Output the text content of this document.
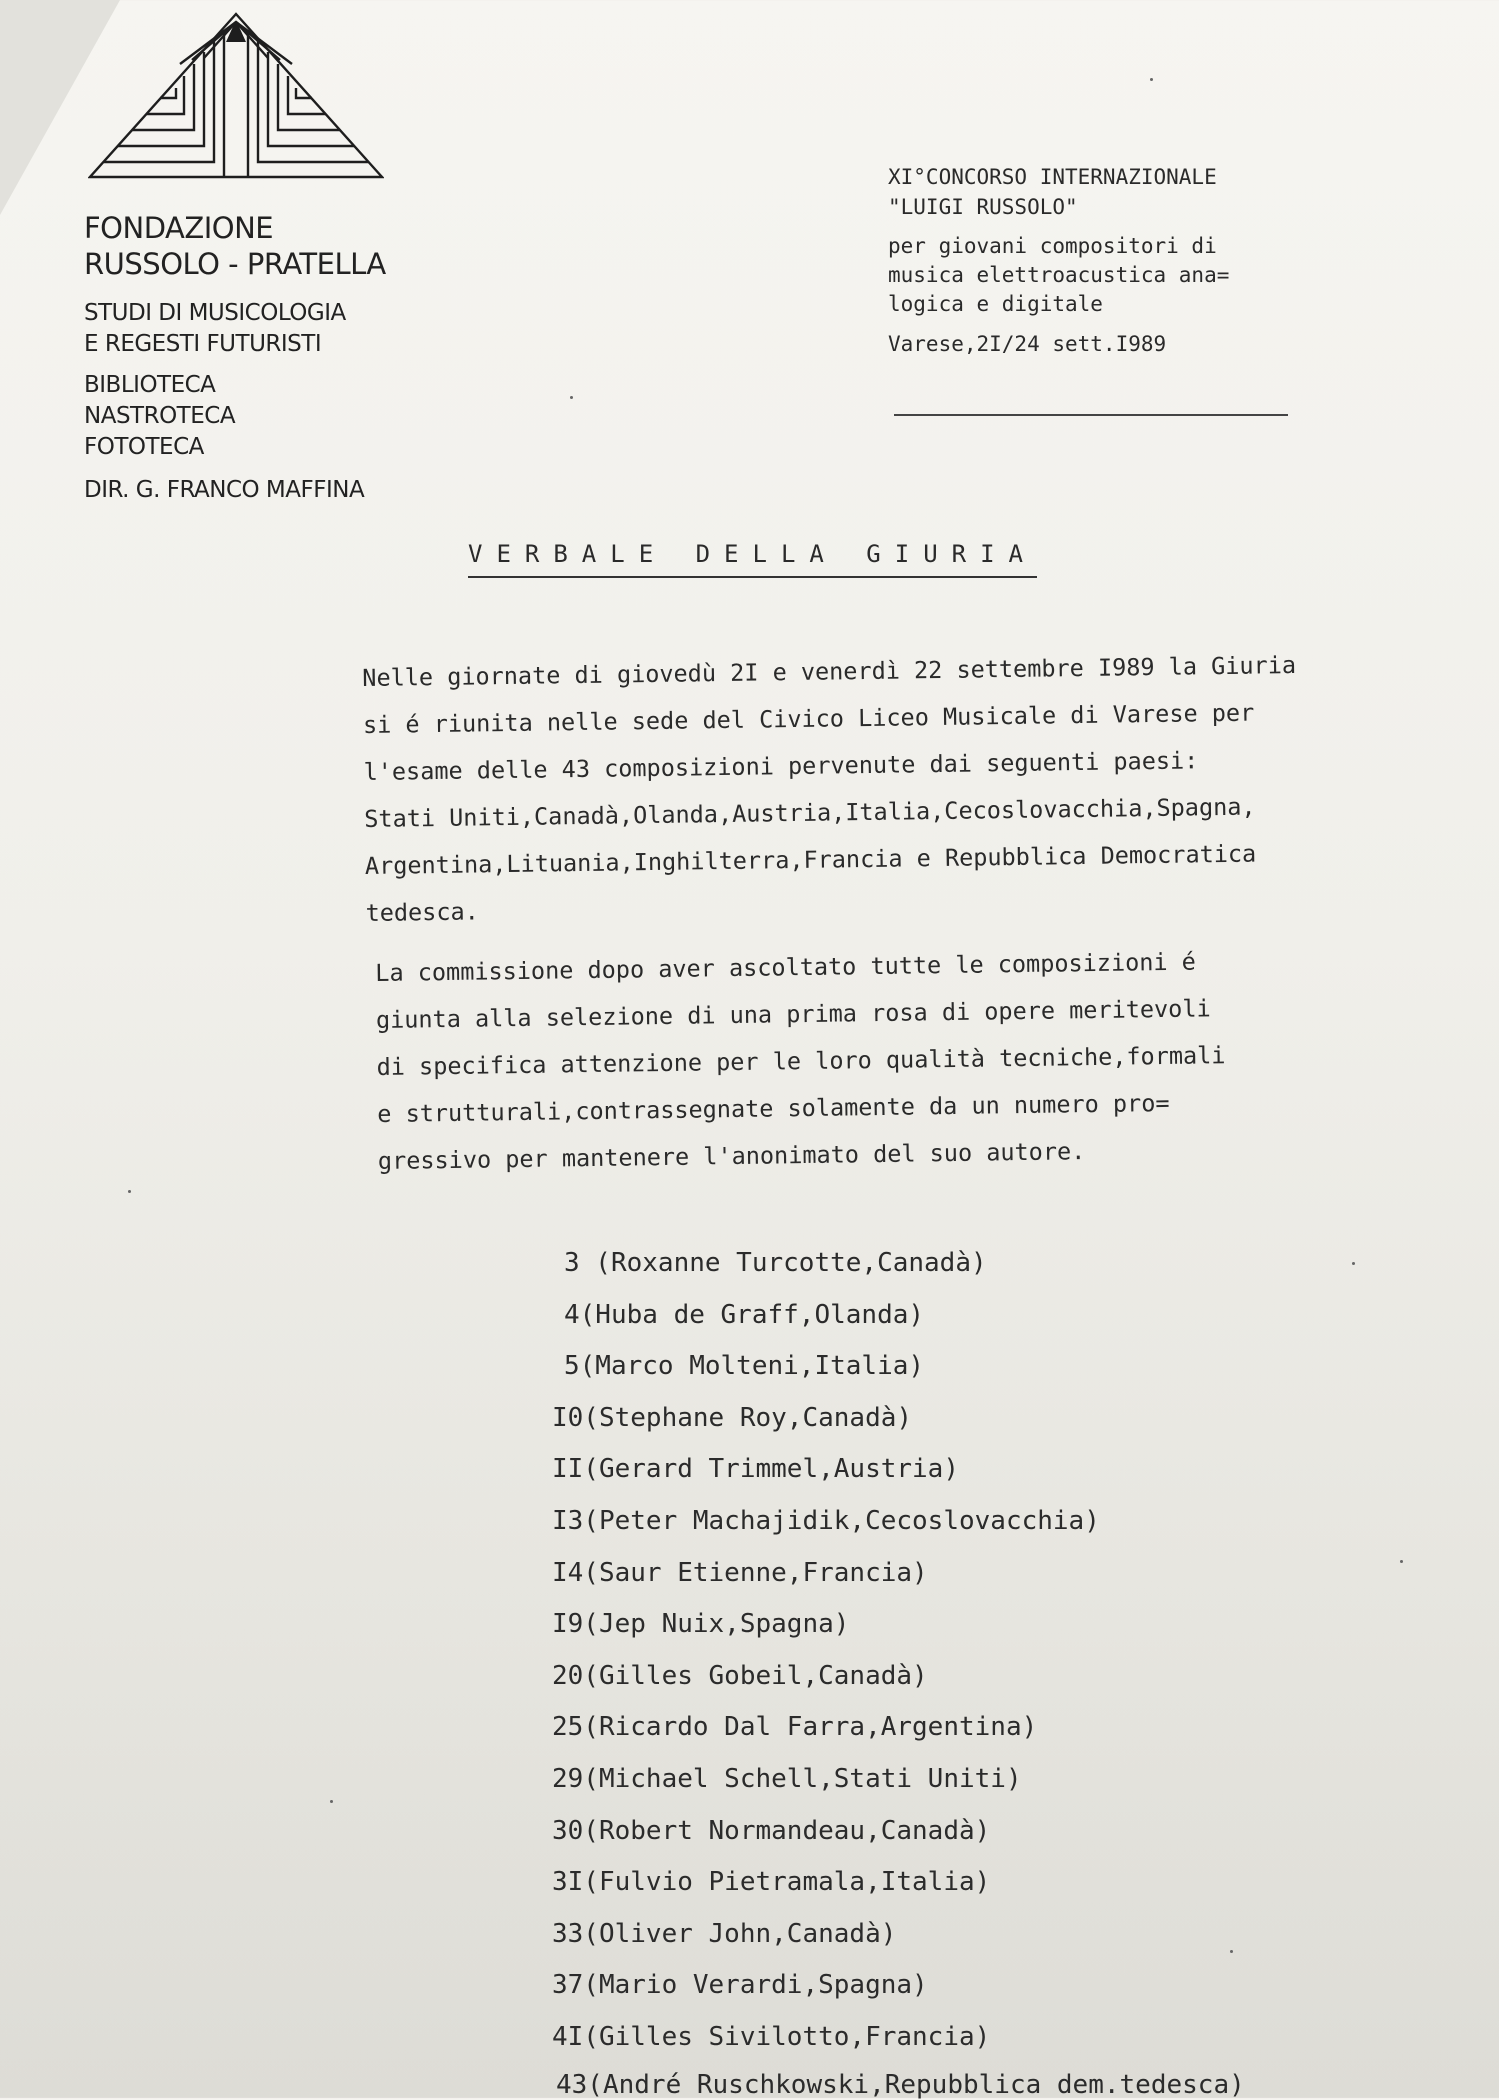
FONDAZIONE
RUSSOLO - PRATELLA
STUDI DI MUSICOLOGIA
E REGESTI FUTURISTI
BIBLIOTECA
NASTROTECA
FOTOTECA
DIR. G. FRANCO MAFFINA
XI°CONCORSO INTERNAZIONALE
"LUIGI RUSSOLO"
per giovani compositori di
musica elettroacustica ana=
logica e digitale
Varese,2I/24 sett.I989
VERBALE DELLA GIURIA

Nelle giornate di giovedù 2I e venerdì 22 settembre I989 la Giuria

si é riunita nelle sede del Civico Liceo Musicale di Varese per

l'esame delle 43 composizioni pervenute dai seguenti paesi:

Stati Uniti,Canadà,Olanda,Austria,Italia,Cecoslovacchia,Spagna,

Argentina,Lituania,Inghilterra,Francia e Repubblica Democratica

tedesca.

La commissione dopo aver ascoltato tutte le composizioni é

giunta alla selezione di una prima rosa di opere meritevoli

di specifica attenzione per le loro qualità tecniche,formali

e strutturali,contrassegnate solamente da un numero pro=

gressivo per mantenere l'anonimato del suo autore.

3 (Roxanne Turcotte,Canadà)
4(Huba de Graff,Olanda)
5(Marco Molteni,Italia)
I0(Stephane Roy,Canadà)
II(Gerard Trimmel,Austria)
I3(Peter Machajidik,Cecoslovacchia)
I4(Saur Etienne,Francia)
I9(Jep Nuix,Spagna)
20(Gilles Gobeil,Canadà)
25(Ricardo Dal Farra,Argentina)
29(Michael Schell,Stati Uniti)
30(Robert Normandeau,Canadà)
3I(Fulvio Pietramala,Italia)
33(Oliver John,Canadà)
37(Mario Verardi,Spagna)
4I(Gilles Sivilotto,Francia)
43(André Ruschkowski,Repubblica dem.tedesca)
